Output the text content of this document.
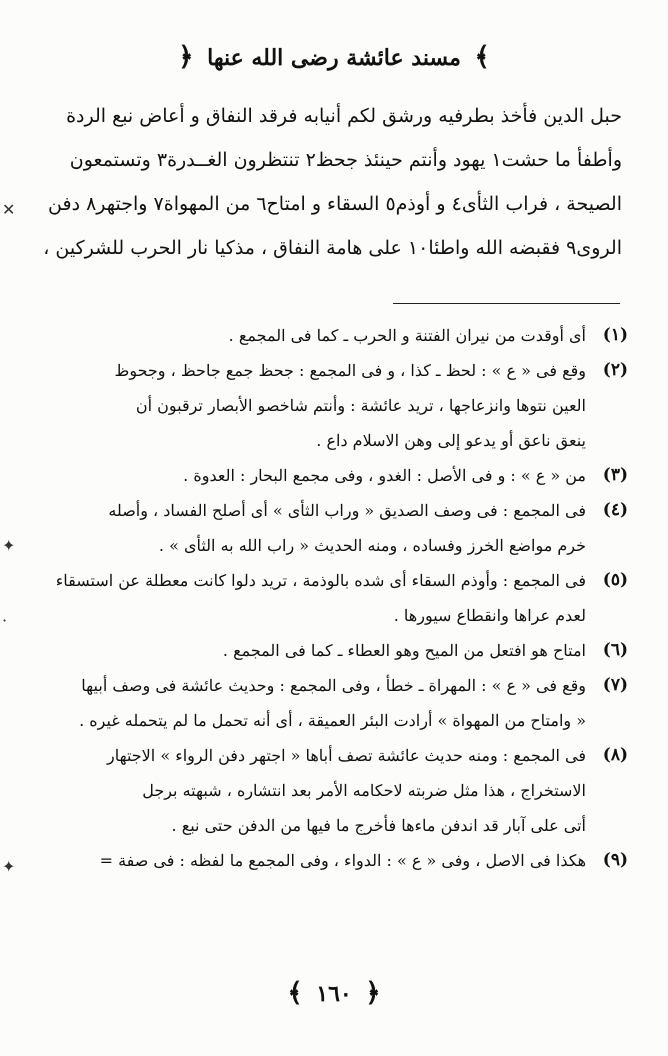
﴾ مسند عائشة رضى الله عنها ﴿
حبل الدين فأخذ بطرفيه ورشق لكم أنيابه فرقد النفاق و أعاض نبع الردة
وأطفأ ما حشت١ يهود وأنتم حينئذ جحظ٢ تنتظرون الغــدرة٣ وتستمعون
الصيحة ، فراب الثأى٤ و أوذم٥ السقاء و امتاح٦ من المهواة٧ واجتهر٨ دفن
الروى٩ فقبضه الله واطئا١٠ على هامة النفاق ، مذكيا نار الحرب للشركين ،
(١)
أى أوقدت من نيران الفتنة و الحرب ـ كما فى المجمع .
(٢)
وقع فى « ع » : لحظ ـ كذا ، و فى المجمع : جحظ جمع جاحظ ، وجحوظ
العين نتوها وانزعاجها ، تريد عائشة : وأنتم شاخصو الأبصار ترقبون أن
ينعق ناعق أو يدعو إلى وهن الاسلام داع .
(٣)
من « ع » : و فى الأصل : الغدو ، وفى مجمع البحار : العدوة .
(٤)
فى المجمع : فى وصف الصديق « وراب الثأى » أى أصلح الفساد ، وأصله
خرم مواضع الخرز وفساده ، ومنه الحديث « راب الله به الثأى » .
(٥)
فى المجمع : وأوذم السقاء أى شده بالوذمة ، تريد دلوا كانت معطلة عن استسقاء
لعدم عراها وانقطاع سيورها .
(٦)
امتاح هو افتعل من الميح وهو العطاء ـ كما فى المجمع .
(٧)
وقع فى « ع » : المهراة ـ خطأ ، وفى المجمع : وحديث عائشة فى وصف أبيها
« وامتاح من المهواة » أرادت البئر العميقة ، أى أنه تحمل ما لم يتحمله غيره .
(٨)
فى المجمع : ومنه حديث عائشة تصف أباها « اجتهر دفن الرواء » الاجتهار
الاستخراج ، هذا مثل ضربته لاحكامه الأمر بعد انتشاره ، شبهته برجل
أتى على آبار قد اندفن ماءها فأخرج ما فيها من الدفن حتى نبع .
(٩)
هكذا فى الاصل ، وفى « ع » : الدواء ، وفى المجمع ما لفظه : فى صفة =
﴾ ١٦٠ ﴿
✕
✦
✦
·
